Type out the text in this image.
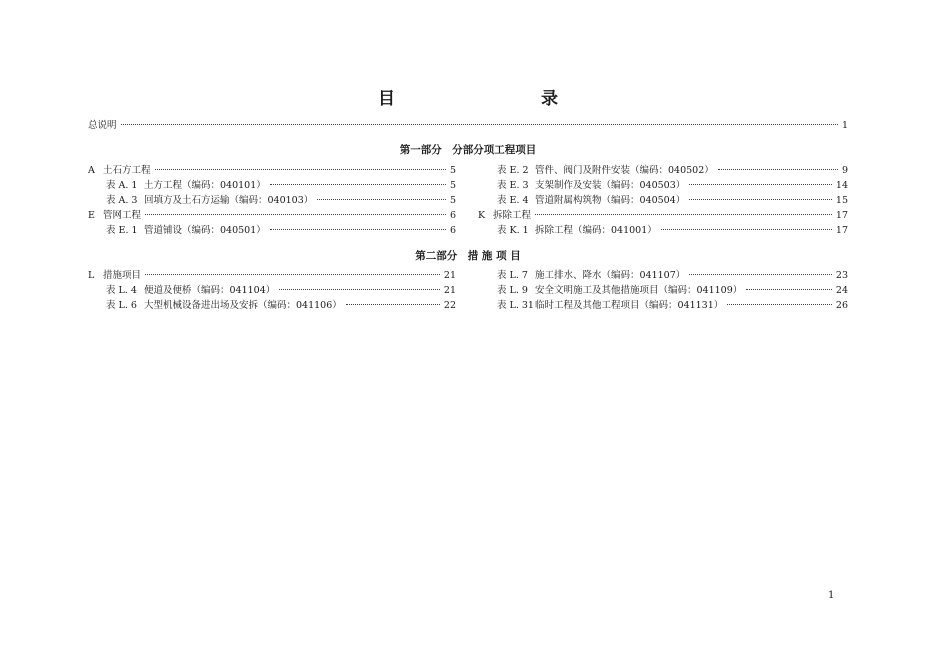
目 录
总说明	1
第一部分　分部分项工程项目
A 土石方工程	5
表 A. 1 土方工程（编码：040101）	5
表 A. 3 回填方及土石方运输（编码：040103）	5
E 管网工程	6
表 E. 1 管道铺设（编码：040501）	6
表 E. 2 管件、阀门及附件安装（编码：040502）	9
表 E. 3 支架制作及安装（编码：040503）	14
表 E. 4 管道附属构筑物（编码：040504）	15
K 拆除工程	17
表 K. 1 拆除工程（编码：041001）	17
第二部分　措 施 项 目
L 措施项目	21
表 L. 4 便道及便桥（编码：041104）	21
表 L. 6 大型机械设备进出场及安拆（编码：041106）	22
表 L. 7 施工排水、降水（编码：041107）	23
表 L. 9 安全文明施工及其他措施项目（编码：041109）	24
表 L. 31临时工程及其他工程项目（编码：041131）	26
1
